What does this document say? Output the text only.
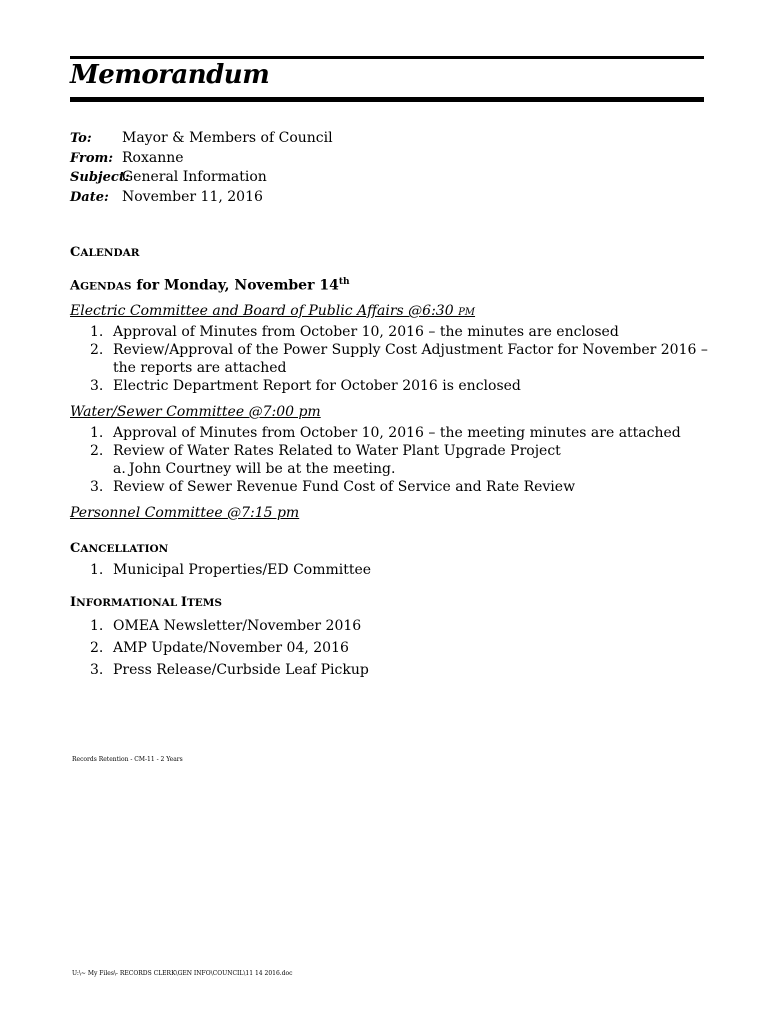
Memorandum
To:	Mayor & Members of Council
From: Roxanne
Subject:
General Information
Date: November 11, 2016
CALENDAR
AGENDAS for Monday, November 14th
Electric Committee and Board of Public Affairs @6:30 PM
1. Approval of Minutes from October 10, 2016 – the minutes are enclosed
2. Review/Approval of the Power Supply Cost Adjustment Factor for November 2016 – the reports are attached
3. Electric Department Report for October 2016 is enclosed
Water/Sewer Committee @7:00 pm
1. Approval of Minutes from October 10, 2016 – the meeting minutes are attached
2. Review of Water Rates Related to Water Plant Upgrade Project
a. John Courtney will be at the meeting.
3. Review of Sewer Revenue Fund Cost of Service and Rate Review
Personnel Committee @7:15 pm
CANCELLATION
1. Municipal Properties/ED Committee
INFORMATIONAL ITEMS
1. OMEA Newsletter/November 2016
2. AMP Update/November 04, 2016
3. Press Release/Curbside Leaf Pickup
Records Retention - CM-11 - 2 Years
U:\~ My Files\- RECORDS CLERK\GEN INFO\COUNCIL\11 14 2016.doc
